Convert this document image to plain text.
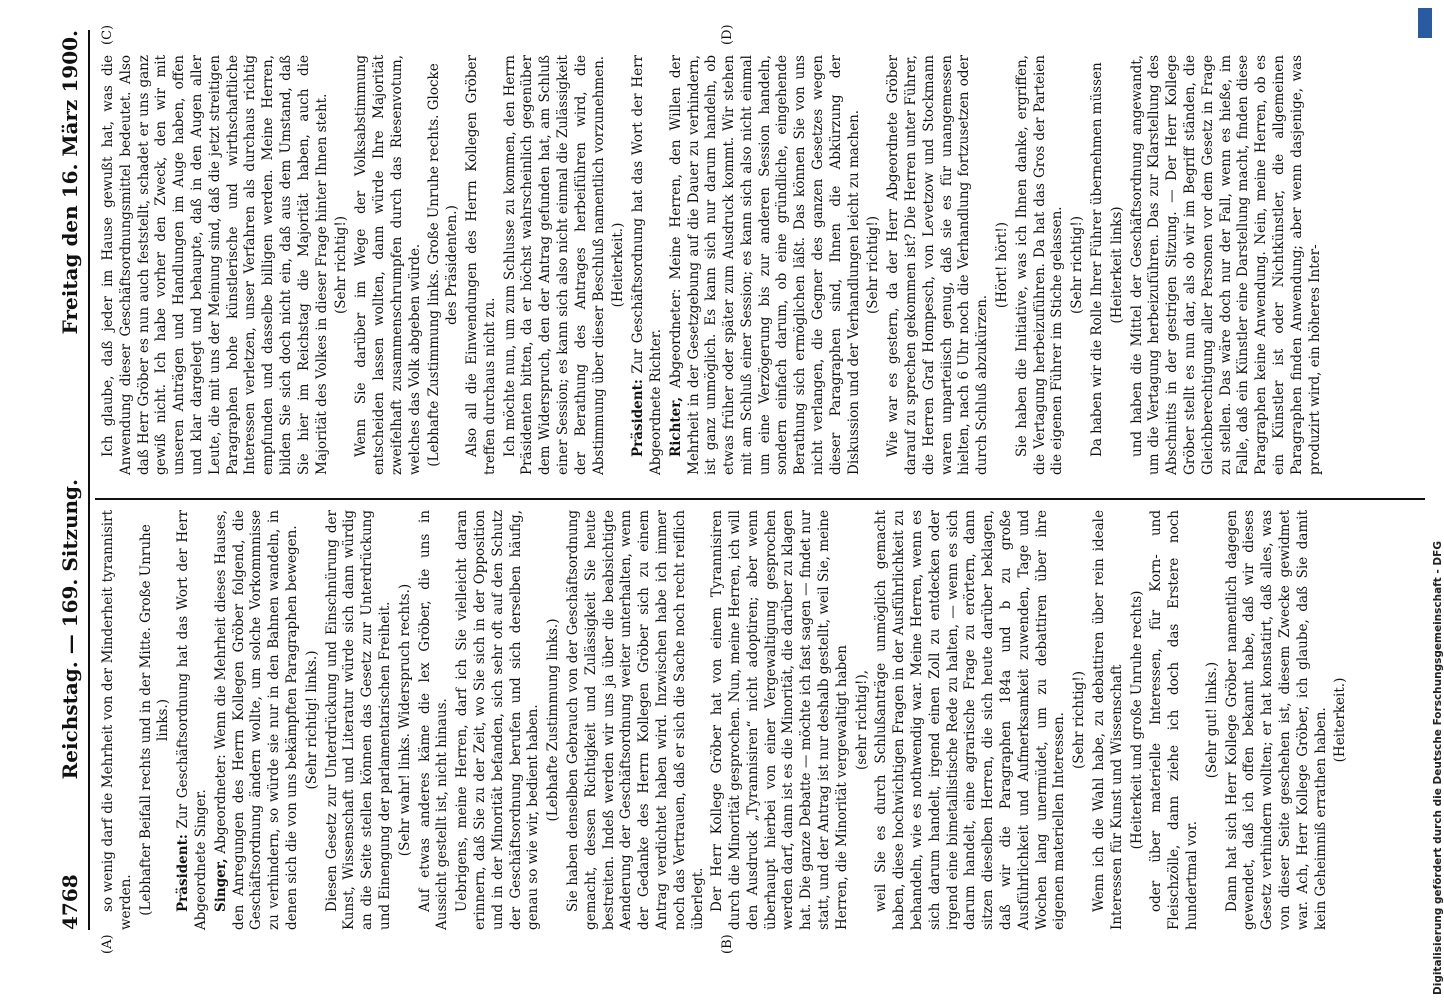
4768
Reichstag. — 169. Sitzung.
Freitag den 16. März 1900.
(A)	(B)
(C)	(D)

so wenig darf die Mehrheit von der Minderheit tyrannisirt werden. (Lebhafter Beifall rechts und in der Mitte. Große Unruhe links.)

Präsident: Zur Geschäftsordnung hat das Wort der Herr Abgeordnete Singer. Singer, Abgeordneter: Wenn die Mehrheit dieses Hauses, den Anregungen des Herrn Kollegen Gröber folgend, die Geschäftsordnung ändern wollte, um solche Vorkommnisse zu verhindern, so würde sie nur in den Bahnen wandeln, in denen sich die von uns bekämpften Paragraphen bewegen. (Sehr richtig! links.) Diesen Gesetz zur Unterdrückung und Einschnürung der Kunst, Wissenschaft und Literatur würde sich dann würdig an die Seite stellen können das Gesetz zur Unterdrückung und Einengung der parlamentarischen Freiheit. (Sehr wahr! links. Widerspruch rechts.) Auf etwas anderes käme die lex Gröber, die uns in Aussicht gestellt ist, nicht hinaus. Uebrigens, meine Herren, darf ich Sie vielleicht daran erinnern, daß Sie zu der Zeit, wo Sie sich in der Opposition und in der Minorität befanden, sich sehr oft auf den Schutz der Geschäftsordnung berufen und sich derselben häufig, genau so wie wir, bedient haben. (Lebhafte Zustimmung links.) Sie haben denselben Gebrauch von der Geschäftsordnung gemacht, dessen Richtigkeit und Zulässigkeit Sie heute bestreiten. Indeß werden wir uns ja über die beabsichtigte Aenderung der Geschäftsordnung weiter unterhalten, wenn der Gedanke des Herrn Kollegen Gröber sich zu einem Antrag verdichtet haben wird. Inzwischen habe ich immer noch das Vertrauen, daß er sich die Sache noch recht reiflich überlegt. Der Herr Kollege Gröber hat von einem Tyrannisiren durch die Minorität gesprochen. Nun, meine Herren, ich will den Ausdruck „Tyrannisiren“ nicht adoptiren; aber wenn überhaupt hierbei von einer Vergewaltigung gesprochen werden darf, dann ist es die Minorität, die darüber zu klagen hat. Die ganze Debatte — möchte ich fast sagen — findet nur statt, und der Antrag ist nur deshalb gestellt, weil Sie, meine Herren, die Minorität vergewaltigt haben (sehr richtig!), weil Sie es durch Schlußanträge unmöglich gemacht haben, diese hochwichtigen Fragen in der Ausführlichkeit zu behandeln, wie es nothwendig war. Meine Herren, wenn es sich darum handelt, irgend einen Zoll zu entdecken oder irgend eine bimetallistische Rede zu halten, — wenn es sich darum handelt, eine agrarische Frage zu erörtern, dann sitzen dieselben Herren, die sich heute darüber beklagen, daß wir die Paragraphen 184a und b zu große Ausführlichkeit und Aufmerksamkeit zuwenden, Tage und Wochen lang unermüdet, um zu debattiren über ihre eigenen materiellen Interessen. (Sehr richtig!) Wenn ich die Wahl habe, zu debattiren über rein ideale Interessen für Kunst und Wissenschaft (Heiterkeit und große Unruhe rechts) oder über materielle Interessen, für Korn- und Fleischzölle, dann ziehe ich doch das Erstere noch hundertmal vor.

(Sehr gut! links.) Dann hat sich Herr Kollege Gröber namentlich dagegen gewendet, daß ich offen bekannt habe, daß wir dieses Gesetz verhindern wollten; er hat konstatirt, daß alles, was von dieser Seite geschehen ist, diesem Zwecke gewidmet war. Ach, Herr Kollege Gröber, ich glaube, daß Sie damit kein Geheimniß errathen haben. (Heiterkeit.)

Ich glaube, daß jeder im Hause gewußt hat, was die Anwendung dieser Geschäftsordnungsmittel bedeutet. Also daß Herr Gröber es nun auch feststellt, schadet er uns ganz gewiß nicht. Ich habe vorher den Zweck, den wir mit unseren Anträgen und Handlungen im Auge haben, offen und klar dargelegt und behaupte, daß in den Augen aller Leute, die mit uns der Meinung sind, daß die jetzt streitigen Paragraphen hohe künstlerische und wirthschaftliche Interessen verletzen, unser Verfahren als durchaus richtig empfunden und dasselbe billigen werden. Meine Herren, bilden Sie sich doch nicht ein, daß aus dem Umstand, daß Sie hier im Reichstag die Majorität haben, auch die Majorität des Volkes in dieser Frage hinter Ihnen steht. (Sehr richtig!) Wenn Sie darüber im Wege der Volksabstimmung entscheiden lassen wollten, dann würde Ihre Majorität zweifelhaft zusammenschrumpfen durch das Riesenvotum, welches das Volk abgeben würde. (Lebhafte Zustimmung links. Große Unruhe rechts. Glocke des Präsidenten.) Also all die Einwendungen des Herrn Kollegen Gröber treffen durchaus nicht zu. Ich möchte nun, um zum Schlusse zu kommen, den Herrn Präsidenten bitten, da er höchst wahrscheinlich gegenüber dem Widerspruch, den der Antrag gefunden hat, am Schluß einer Session; es kann sich also nicht einmal die Zulässigkeit der Berathung des Antrages herbeiführen wird, die Abstimmung über dieser Beschluß namentlich vorzunehmen. (Heiterkeit.)

Präsident: Zur Geschäftsordnung hat das Wort der Herr Abgeordnete Richter. Richter, Abgeordneter: Meine Herren, den Willen der Mehrheit in der Gesetzgebung auf die Dauer zu verhindern, ist ganz unmöglich. Es kann sich nur darum handeln, ob etwas früher oder später zum Ausdruck kommt. Wir stehen mit am Schluß einer Session; es kann sich also nicht einmal um eine Verzögerung bis zur anderen Session handeln, sondern einfach darum, ob eine gründliche, eingehende Berathung sich ermöglichen läßt. Das können Sie von uns nicht verlangen, die Gegner des ganzen Gesetzes wegen dieser Paragraphen sind, Ihnen die Abkürzung der Diskussion und der Verhandlungen leicht zu machen. (Sehr richtig!) Wie war es gestern, da der Herr Abgeordnete Gröber darauf zu sprechen gekommen ist? Die Herren unter Führer, die Herren Graf Hompesch, von Levetzow und Stockmann waren unparteiisch genug, daß sie es für unangemessen hielten, nach 6 Uhr noch die Verhandlung fortzusetzen oder durch Schluß abzukürzen.

(Hört! hört!) Sie haben die Initiative, was ich Ihnen danke, ergriffen, die Vertagung herbeizuführen. Da hat das Gros der Parteien die eigenen Führer im Stiche gelassen. (Sehr richtig!) Da haben wir die Rolle Ihrer Führer übernehmen müssen (Heiterkeit links) und haben die Mittel der Geschäftsordnung angewandt, um die Vertagung herbeizuführen. Das zur Klarstellung des Abschnitts in der gestrigen Sitzung. — Der Herr Kollege Gröber stellt es nun dar, als ob wir im Begriff ständen, die Gleichberechtigung aller Personen vor dem Gesetz in Frage zu stellen. Das wäre doch nur der Fall, wenn es hieße, im Falle, daß ein Künstler eine Darstellung macht, finden diese Paragraphen keine Anwendung. Nein, meine Herren, ob es ein Künstler ist oder Nichtkünstler, die allgemeinen Paragraphen finden Anwendung; aber wenn dasjenige, was produzirt wird, ein höheres Inter-

Digitalisierung gefördert durch die Deutsche Forschungsgemeinschaft - DFG
